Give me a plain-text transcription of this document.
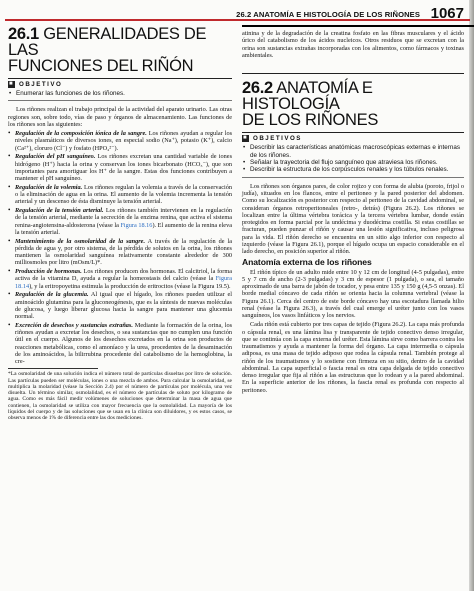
26.2 ANATOMÍA E HISTOLOGÍA DE LOS RIÑONES 1067
26.1 GENERALIDADES DE LAS
FUNCIONES DEL RIÑÓN
■ OBJETIVO
• Enumerar las funciones de los riñones.

Los riñones realizan el trabajo principal de la actividad del aparato urinario. Las otras regiones son, sobre todo, vías de paso y órganos de almacenamiento. Las funciones de los riñones son las siguientes:

• Regulación de la composición iónica de la sangre. Los riñones ayudan a regular los niveles plasmáticos de diversos iones, en especial sodio (Na⁺), potasio (K⁺), calcio (Ca²⁺), cloruro (Cl⁻) y fosfato (HPO₄²⁻).
• Regulación del pH sanguíneo. Los riñones excretan una cantidad variable de iones hidrógeno (H⁺) hacia la orina y conservan los iones bicarbonato (HCO₃⁻), que son importantes para amortiguar los H⁺ de la sangre. Estas dos funciones contribuyen a mantener el pH sanguíneo.
• Regulación de la volemia. Los riñones regulan la volemia a través de la conservación o la eliminación de agua en la orina. El aumento de la volemia incrementa la tensión arterial y un descenso de ésta disminuye la tensión arterial.
• Regulación de la tensión arterial. Los riñones también intervienen en la regulación de la tensión arterial, mediante la secreción de la enzima renina, que activa el sistema renina-angiotensina-aldosterona (véase la Figura 18.16). El aumento de la renina eleva la tensión arterial.
• Mantenimiento de la osmolaridad de la sangre. A través de la regulación de la pérdida de agua y, por otro sistema, de la pérdida de solutos en la orina, los riñones mantienen la osmolaridad sanguínea relativamente constante alrededor de 300 milliosmoles por litro (mOsm/L)*.
• Producción de hormonas. Los riñones producen dos hormonas. El calcitriol, la forma activa de la vitamina D, ayuda a regular la homeostasis del calcio (véase la Figura 18.14), y la eritropoyetina estimula la producción de eritrocitos (véase la Figura 19.5).
• Regulación de la glucemia. Al igual que el hígado, los riñones pueden utilizar el aminoácido glutamina para la gluconeogénesis, que es la síntesis de nuevas moléculas de glucosa, y luego liberar glucosa hacia la sangre para mantener una glucemia normal.
• Excreción de desechos y sustancias extrañas. Mediante la formación de la orina, los riñones ayudan a excretar los desechos, o sea sustancias que no cumplen una función útil en el cuerpo. Algunos de los desechos excretados en la orina son productos de reacciones metabólicas, como el amoníaco y la urea, procedentes de la desaminación de los aminoácidos, la bilirrubina procedente del catabolismo de la hemoglobina, la cre-
*La osmolaridad de una solución indica el número total de partículas disueltas por litro de solución. Las partículas pueden ser moléculas, iones o una mezcla de ambos. Para calcular la osmolaridad, se multiplica la molaridad (véase la Sección 2.4) por el número de partículas por molécula, una vez disuelta. Un término similar, osmolalidad, es el número de partículas de soluto por kilogramo de agua. Como es más fácil medir volúmenes de soluciones que determinar la masa de agua que contienen, la osmolaridad se utiliza con mayor frecuencia que la osmolalidad. La mayoría de los líquidos del cuerpo y de las soluciones que se usan en la clínica son diluidores, y es estos casos, se observa menos de 1% de diferencia entre las dos mediciones.
atinina y de la degradación de la creatina fosfato en las fibras musculares y el ácido úrico del catabolismo de los ácidos nucleicos. Otros residuos que se excretan con la orina son sustancias extrañas incorporadas con los alimentos, como fármacos y toxinas ambientales.
26.2 ANATOMÍA E HISTOLOGÍA
DE LOS RIÑONES
■ OBJETIVOS
• Describir las características anatómicas macroscópicas externas e internas de los riñones.
• Señalar la trayectoria del flujo sanguíneo que atraviesa los riñones.
• Describir la estructura de los corpúsculos renales y los túbulos renales.

Los riñones son órganos pares, de color rojizo y con forma de alubia (porotо, frijol o judía), situados en los flancos, entre el peritoneo y la pared posterior del abdomen. Como su localización es posterior con respecto al peritoneo de la cavidad abdominal, se consideran órganos retroperitoneales (retro-, detrás) (Figura 26.2). Los riñones se localizan entre la última vértebra torácica y la tercera vértebra lumbar, donde están protegidos en forma parcial por la undécima y duodécima costilla. Si estas costillas se fracturan, pueden punzar el riñón y causar una lesión significativa, incluso peligrosa para la vida. El riñón derecho se encuentra en un sitio algo inferior con respecto al izquierdo (véase la Figura 26.1), porque el hígado ocupa un espacio considerable en el lado derecho, en posición superior al riñón.

Anatomía externa de los riñones

El riñón típico de un adulto mide entre 10 y 12 cm de longitud (4-5 pulgadas), entre 5 y 7 cm de ancho (2-3 pulgadas) y 3 cm de espesor (1 pulgada), o sea, el tamaño aproximado de una barra de jabón de tocador, y pesa entre 135 y 150 g (4,5-5 onzas). El borde medial cóncavo de cada riñón se orienta hacia la columna vertebral (véase la Figura 26.1). Cerca del centro de este borde cóncavo hay una escotadura llamada hilio renal (véase la Figura 26.3), a través del cual emerge el uréter junto con los vasos sanguíneos, los vasos linfáticos y los nervios.

Cada riñón está cubierto por tres capas de tejido (Figura 26.2). La capa más profunda o cápsula renal, es una lámina lisa y transparente de tejido conectivo denso irregular, que se continúa con la capa externa del uréter. Esta lámina sirve como barrera contra los traumatismos y ayuda a mantener la forma del órgano. La capa intermedia o cápsula adiposa, es una masa de tejido adiposo que rodea la cápsula renal. También protege al riñón de los traumatismos y lo sostiene con firmeza en su sitio, dentro de la cavidad abdominal. La capa superficial o fascia renal es otra capa delgada de tejido conectivo denso irregular que fija al riñón a las estructuras que lo rodean y a la pared abdominal. En la superficie anterior de los riñones, la fascia renal es profunda con respecto al peritoneo.
